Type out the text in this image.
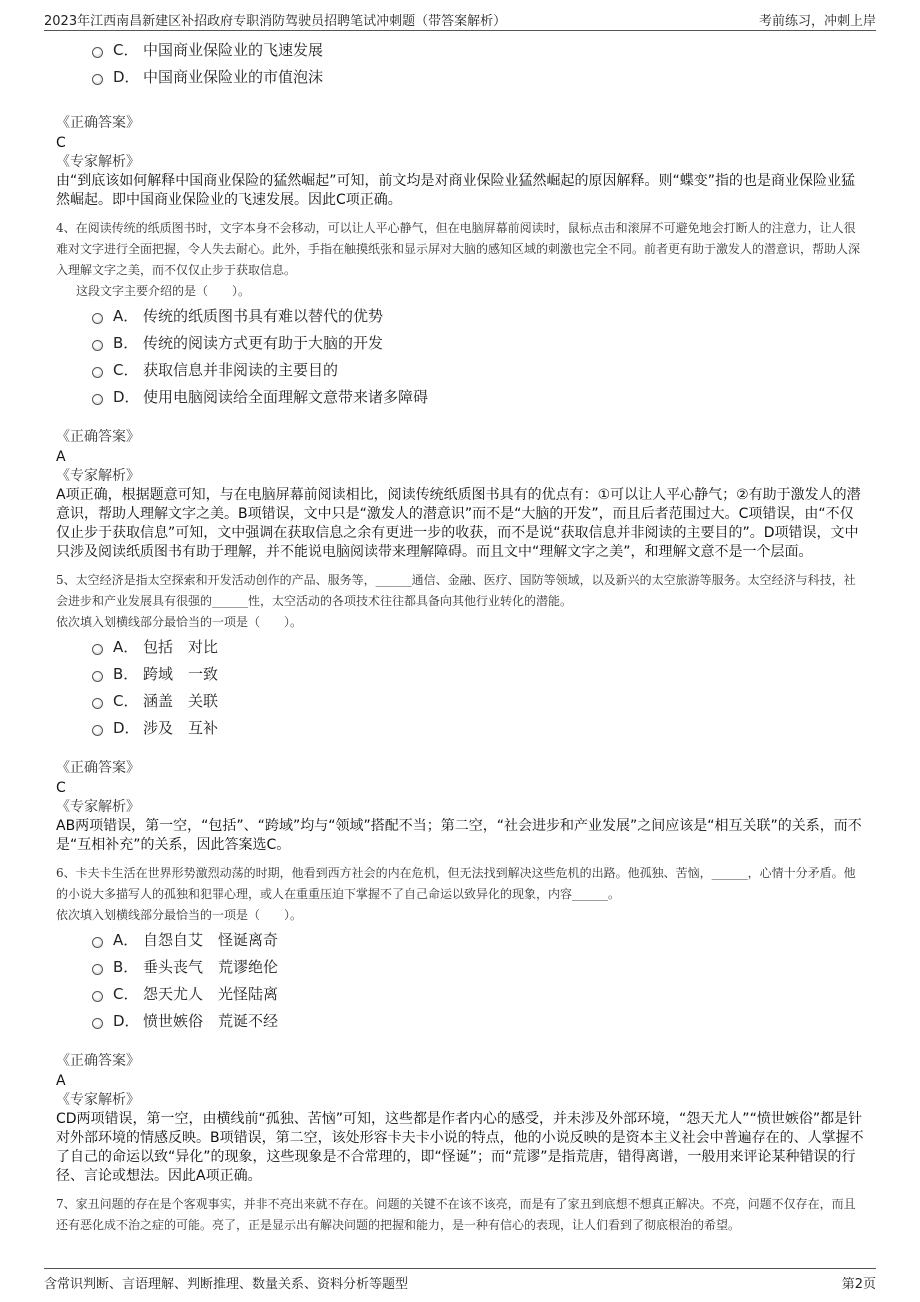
2023年江西南昌新建区补招政府专职消防驾驶员招聘笔试冲刺题（带答案解析）	考前练习，冲刺上岸
C． 中国商业保险业的飞速发展
D． 中国商业保险业的市值泡沫
《正确答案》
C
《专家解析》
由“到底该如何解释中国商业保险的猛然崛起”可知，前文均是对商业保险业猛然崛起的原因解释。则“蝶变”指的也是商业保险业猛然崛起。即中国商业保险业的飞速发展。因此C项正确。
4、在阅读传统的纸质图书时，文字本身不会移动，可以让人平心静气，但在电脑屏幕前阅读时，鼠标点击和滚屏不可避免地会打断人的注意力，让人很难对文字进行全面把握，令人失去耐心。此外，手指在触摸纸张和显示屏对大脑的感知区域的刺激也完全不同。前者更有助于激发人的潜意识，帮助人深入理解文字之美，而不仅仅止步于获取信息。
这段文字主要介绍的是（　　）。
A． 传统的纸质图书具有难以替代的优势
B． 传统的阅读方式更有助于大脑的开发
C． 获取信息并非阅读的主要目的
D． 使用电脑阅读给全面理解文意带来诸多障碍
《正确答案》
A
《专家解析》
A项正确，根据题意可知，与在电脑屏幕前阅读相比，阅读传统纸质图书具有的优点有：①可以让人平心静气；②有助于激发人的潜意识，帮助人理解文字之美。B项错误，文中只是“激发人的潜意识”而不是“大脑的开发”，而且后者范围过大。C项错误，由“不仅仅止步于获取信息”可知，文中强调在获取信息之余有更进一步的收获，而不是说“获取信息并非阅读的主要目的”。D项错误，文中只涉及阅读纸质图书有助于理解，并不能说电脑阅读带来理解障碍。而且文中“理解文字之美”，和理解文意不是一个层面。
5、太空经济是指太空探索和开发活动创作的产品、服务等，______通信、金融、医疗、国防等领域，以及新兴的太空旅游等服务。太空经济与科技，社会进步和产业发展具有很强的______性，太空活动的各项技术往往都具备向其他行业转化的潜能。
依次填入划横线部分最恰当的一项是（　　）。
A． 包括　对比
B． 跨域　一致
C． 涵盖　关联
D． 涉及　互补
《正确答案》
C
《专家解析》
AB两项错误，第一空，“包括”、“跨域”均与“领域”搭配不当；第二空，“社会进步和产业发展”之间应该是“相互关联”的关系，而不是“互相补充”的关系，因此答案选C。
6、卡夫卡生活在世界形势激烈动荡的时期，他看到西方社会的内在危机，但无法找到解决这些危机的出路。他孤独、苦恼，______，心情十分矛盾。他的小说大多描写人的孤独和犯罪心理，或人在重重压迫下掌握不了自己命运以致异化的现象，内容______。
依次填入划横线部分最恰当的一项是（　　）。
A． 自怨自艾　怪诞离奇
B． 垂头丧气　荒谬绝伦
C． 怨天尤人　光怪陆离
D． 愤世嫉俗　荒诞不经
《正确答案》
A
《专家解析》
CD两项错误，第一空，由横线前“孤独、苦恼”可知，这些都是作者内心的感受，并未涉及外部环境，“怨天尤人”“愤世嫉俗”都是针对外部环境的情感反映。B项错误，第二空，该处形容卡夫卡小说的特点，他的小说反映的是资本主义社会中普遍存在的、人掌握不了自己的命运以致“异化”的现象，这些现象是不合常理的，即“怪诞”；而“荒谬”是指荒唐，错得离谱，一般用来评论某种错误的行径、言论或想法。因此A项正确。
7、家丑问题的存在是个客观事实，并非不亮出来就不存在。问题的关键不在该不该亮，而是有了家丑到底想不想真正解决。不亮，问题不仅存在，而且还有恶化成不治之症的可能。亮了，正是显示出有解决问题的把握和能力，是一种有信心的表现，让人们看到了彻底根治的希望。
含常识判断、言语理解、判断推理、数量关系、资料分析等题型	第2页
